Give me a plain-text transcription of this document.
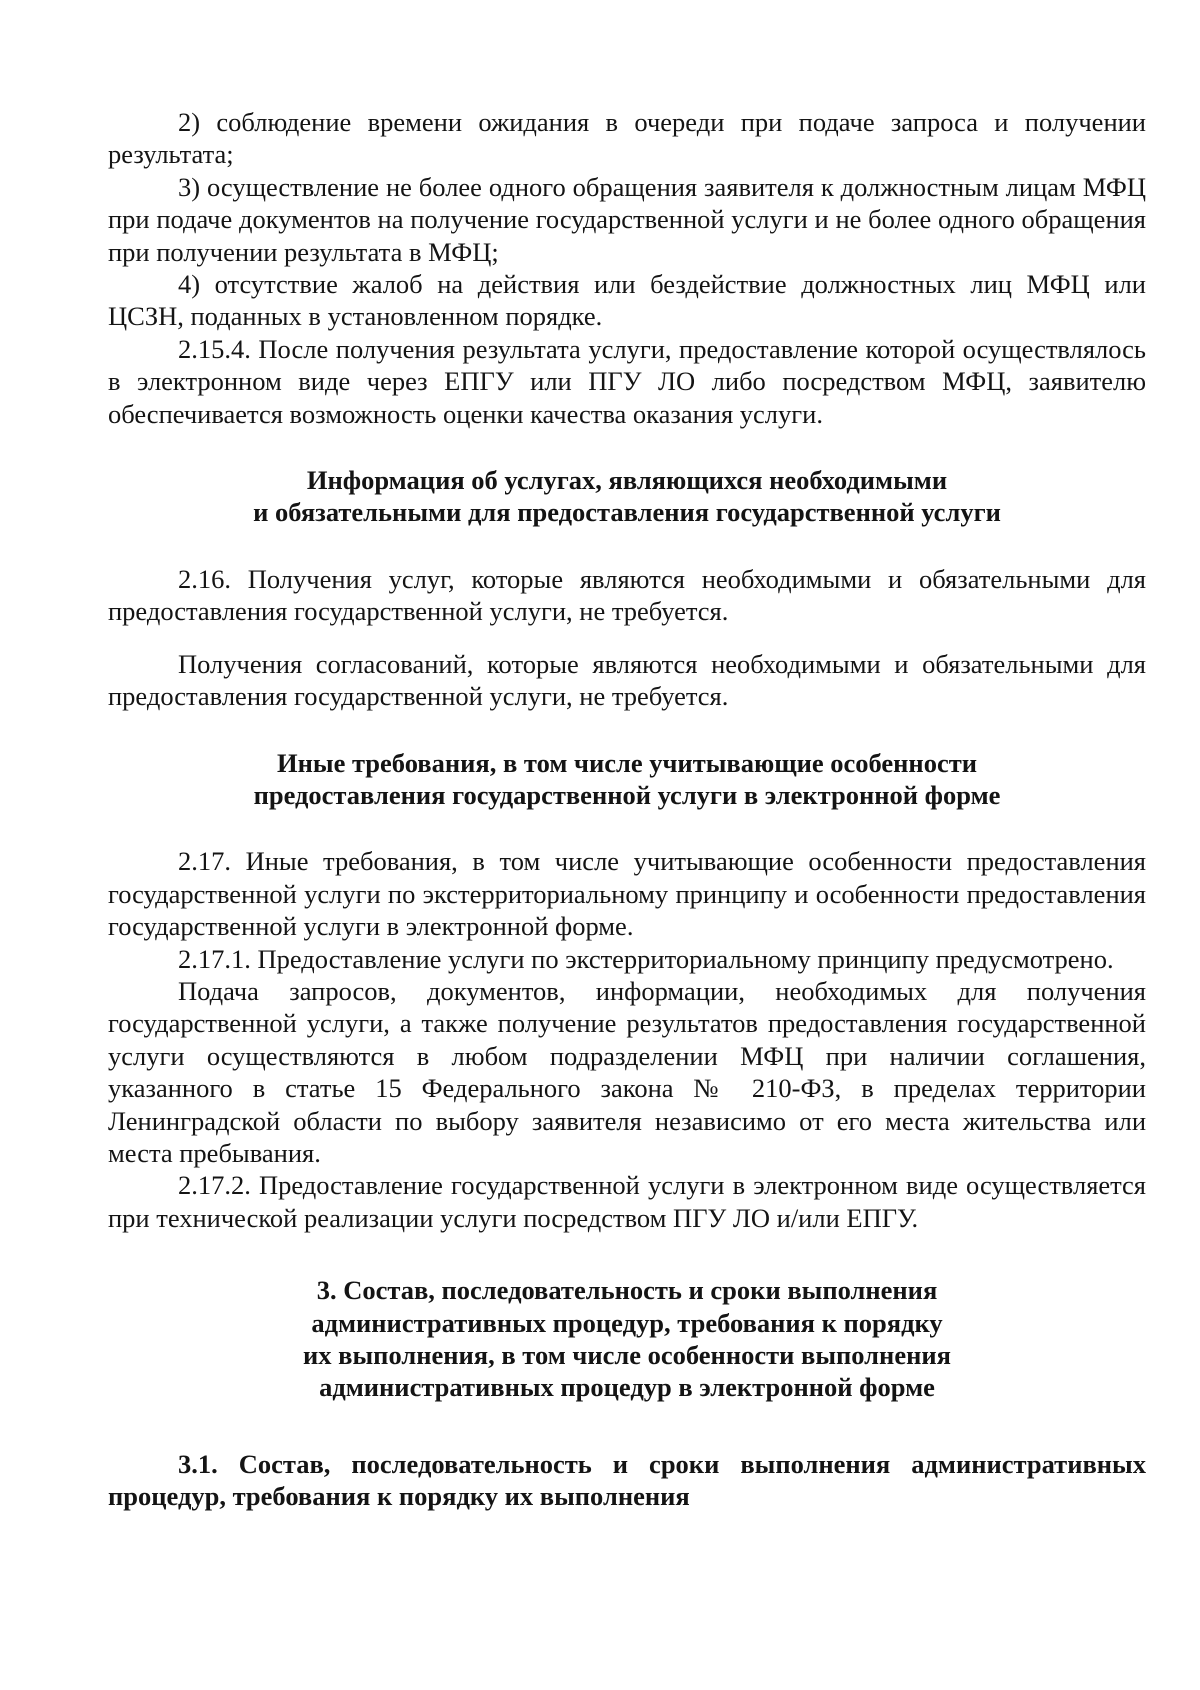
2) соблюдение времени ожидания в очереди при подаче запроса и получении результата;

3) осуществление не более одного обращения заявителя к должностным лицам МФЦ при подаче документов на получение государственной услуги и не более одного обращения при получении результата в МФЦ;

4) отсутствие жалоб на действия или бездействие должностных лиц МФЦ или ЦСЗН, поданных в установленном порядке.

2.15.4. После получения результата услуги, предоставление которой осуществлялось в электронном виде через ЕПГУ или ПГУ ЛО либо посредством МФЦ, заявителю обеспечивается возможность оценки качества оказания услуги.

Информация об услугах, являющихся необходимыми
и обязательными для предоставления государственной услуги

2.16. Получения услуг, которые являются необходимыми и обязательными для предоставления государственной услуги, не требуется.

Получения согласований, которые являются необходимыми и обязательными для предоставления государственной услуги, не требуется.

Иные требования, в том числе учитывающие особенности
предоставления государственной услуги в электронной форме

2.17. Иные требования, в том числе учитывающие особенности предоставления государственной услуги по экстерриториальному принципу и особенности предоставления государственной услуги в электронной форме.

2.17.1. Предоставление услуги по экстерриториальному принципу предусмотрено.

Подача запросов, документов, информации, необходимых для получения государственной услуги, а также получение результатов предоставления государственной услуги осуществляются в любом подразделении МФЦ при наличии соглашения, указанного в статье 15 Федерального закона № 210-ФЗ, в пределах территории Ленинградской области по выбору заявителя независимо от его места жительства или места пребывания.

2.17.2. Предоставление государственной услуги в электронном виде осуществляется при технической реализации услуги посредством ПГУ ЛО и/или ЕПГУ.

3. Состав, последовательность и сроки выполнения
административных процедур, требования к порядку
их выполнения, в том числе особенности выполнения
административных процедур в электронной форме

3.1. Состав, последовательность и сроки выполнения административных процедур, требования к порядку их выполнения
